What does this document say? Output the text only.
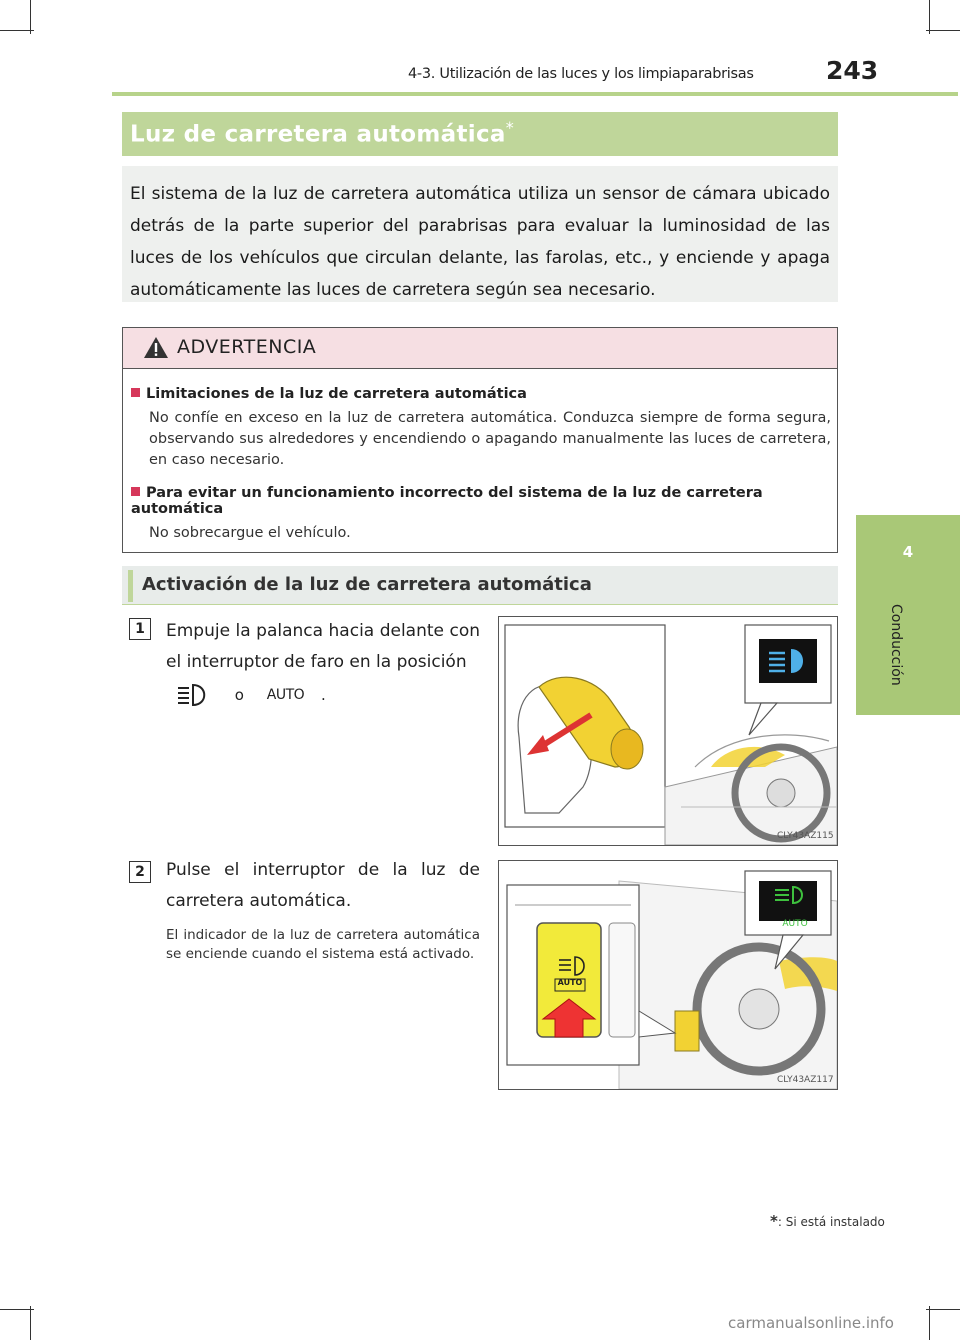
4-3. Utilización de las luces y los limpiaparabrisas	243
4
Conducción
Luz de carretera automática*

El sistema de la luz de carretera automática utiliza un sensor de cámara ubicado detrás de la parte superior del parabrisas para evaluar la luminosidad de las luces de los vehículos que circulan delante, las farolas, etc., y enciende y apaga automáticamente las luces de carretera según sea necesario.

ADVERTENCIA
Limitaciones de la luz de carretera automática
No confíe en exceso en la luz de carretera automática. Conduzca siempre de forma segura, observando sus alrededores y encendiendo o apagando manualmente las luces de carretera, en caso necesario.
Para evitar un funcionamiento incorrecto del sistema de la luz de carretera automática
No sobrecargue el vehículo.
Activación de la luz de carretera automática
1	Empuje la palanca hacia delante con el interruptor de faro en la posición
o AUTO .
CLY43AZ115
2	Pulse el interruptor de la luz de carretera automática.
El indicador de la luz de carretera automática se enciende cuando el sistema está activado.
AUTO
AUTO
CLY43AZ117
*: Si está instalado
carmanualsonline.info
